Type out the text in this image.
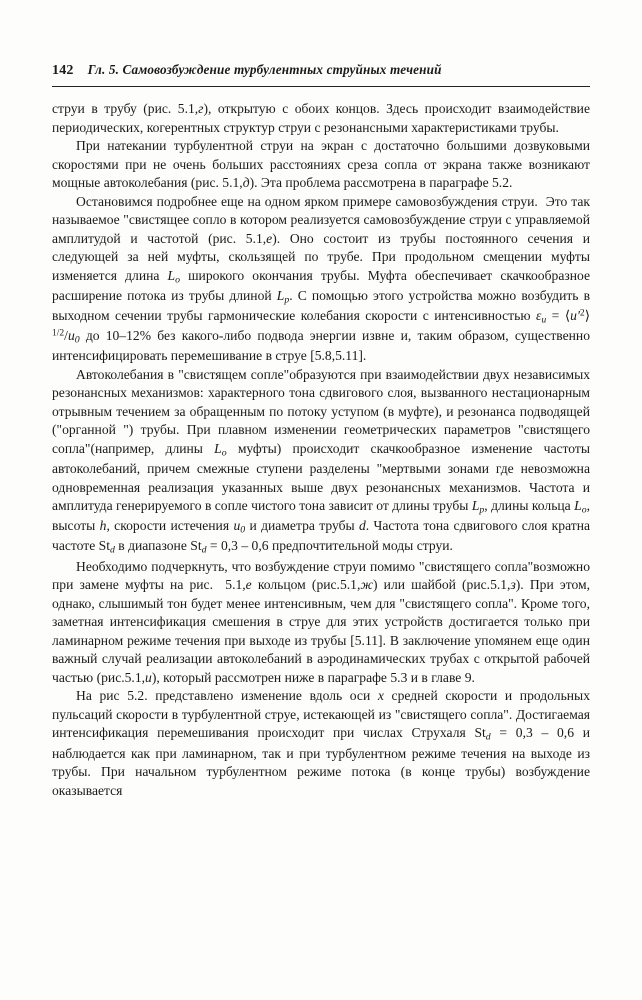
142 Гл. 5. Самовозбуждение турбулентных струйных течений

струи в трубу (рис. 5.1,г), открытую с обоих концов. Здесь происходит взаимодействие периодических, когерентных структур струи с резонансными характеристиками трубы.

При натекании турбулентной струи на экран с достаточно большими дозвуковыми скоростями при не очень больших расстояниях среза сопла от экрана также возникают мощные автоколебания (рис. 5.1,д). Эта проблема рассмотрена в параграфе 5.2.

Остановимся подробнее еще на одном ярком примере самовозбуждения струи.  Это так называемое "свистящее сопло в котором реализуется самовозбуждение струи с управляемой амплитудой и частотой (рис. 5.1,е). Оно состоит из трубы постоянного сечения и следующей за ней муфты, скользящей по трубе. При продольном смещении муфты изменяется длина $L_o$ широкого окончания трубы. Муфта обеспечивает скачкообразное расширение потока из трубы длиной $L_p$. С помощью этого устройства можно возбудить в выходном сечении трубы гармонические колебания скорости с интенсивностью $\varepsilon_u$ = $⟨u'^2⟩^{1/2}/u_0$ до 10–12% без какого-либо подвода энергии извне и, таким образом, существенно интенсифицировать перемешивание в струе [5.8,5.11].

Автоколебания в "свистящем сопле"образуются при взаимодействии двух независимых резонансных механизмов: характерного тона сдвигового слоя, вызванного нестационарным отрывным течением за обращенным по потоку уступом (в муфте), и резонанса подводящей ("органной ") трубы. При плавном изменении геометрических параметров "свистящего сопла"(например, длины $L_o$ муфты) происходит скачкообразное изменение частоты автоколебаний, причем смежные ступени разделены "мертвыми зонами где невозможна одновременная реализация указанных выше двух резонансных механизмов. Частота и амплитуда генерируемого в сопле чистого тона зависит от длины трубы $L_p$, длины кольца $L_o$, высоты h, скорости истечения $u_0$ и диаметра трубы d. Частота тона сдвигового слоя кратна частоте $St_d$ в диапазоне $St_d = 0,3 - 0,6$ предпочтительной моды струи.

Необходимо подчеркнуть, что возбуждение струи помимо "свистящего сопла"возможно при замене муфты на рис.  5.1,е кольцом (рис.5.1,ж) или шайбой (рис.5.1,з). При этом, однако, слышимый тон будет менее интенсивным, чем для "свистящего сопла". Кроме того, заметная интенсификация смешения в струе для этих устройств достигается только при ламинарном режиме течения при выходе из трубы [5.11]. В заключение упомянем еще один важный случай реализации автоколебаний в аэродинамических трубах с открытой рабочей частью (рис.5.1,и), который рассмотрен ниже в параграфе 5.3 и в главе 9.

На рис 5.2. представлено изменение вдоль оси x средней скорости и продольных пульсаций скорости в турбулентной струе, истекающей из "свистящего сопла". Достигаемая интенсификация перемешивания происходит при числах Струхаля $St_d = 0,3 - 0,6$ и наблюдается как при ламинарном, так и при турбулентном режиме течения на выходе из трубы. При начальном турбулентном режиме потока (в конце трубы) возбуждение оказывается
